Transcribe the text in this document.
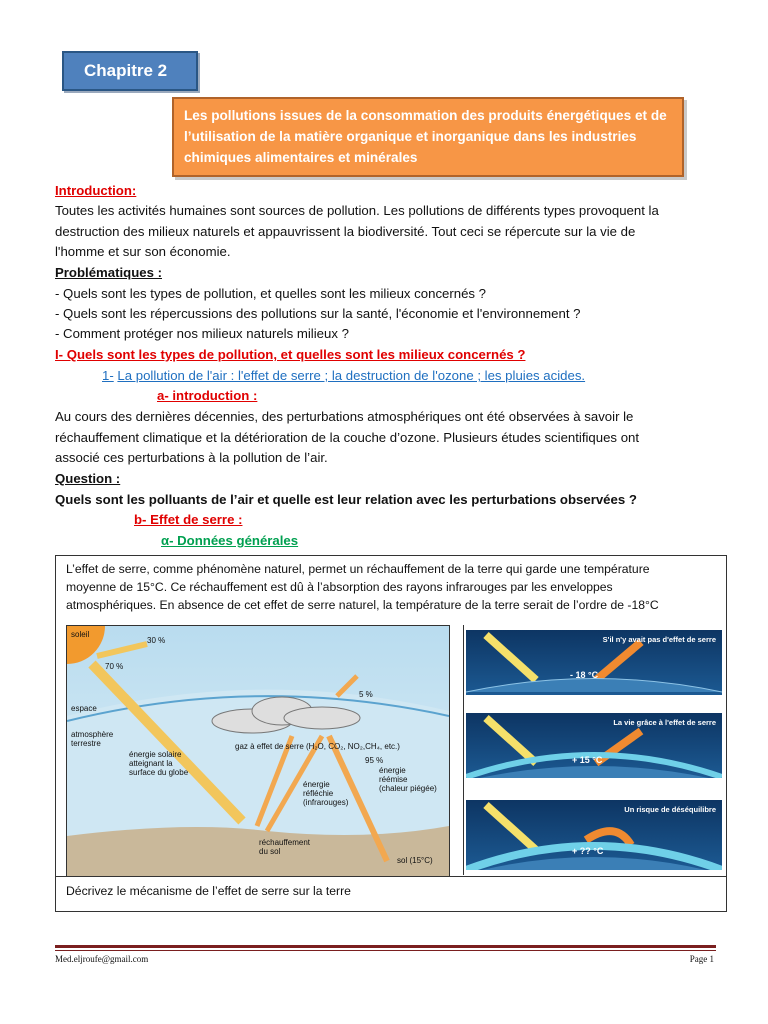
Chapitre 2
Les pollutions issues de la consommation des produits énergétiques et de l’utilisation de la matière organique et inorganique dans les industries chimiques alimentaires et minérales
Introduction:
Toutes les activités humaines sont sources de pollution. Les pollutions de différents types provoquent la
destruction des milieux naturels et appauvrissent la biodiversité. Tout ceci se répercute sur la vie de
l'homme et sur son économie.
Problématiques :
- Quels sont les types de pollution, et quelles sont les milieux concernés ?
- Quels sont les répercussions des pollutions sur la santé, l'économie et l'environnement ?
- Comment protéger nos milieux naturels milieux ?
I- Quels sont les types de pollution, et quelles sont les milieux concernés ?
1- La pollution de l'air : l'effet de serre ; la destruction de l'ozone ; les pluies acides.
a- introduction :
Au cours des dernières décennies, des perturbations atmosphériques ont été observées à savoir le
réchauffement climatique et la détérioration de la couche d’ozone. Plusieurs études scientifiques ont
associé ces perturbations à la pollution de l’air.
Question :
Quels sont les polluants de l’air et quelle est leur relation avec les perturbations observées ?
b- Effet de serre :
α- Données générales
L’effet de serre, comme phénomène naturel, permet un réchauffement de la terre qui garde une température
moyenne de 15°C. Ce réchauffement est dû à l’absorption des rayons infrarouges par les enveloppes
atmosphériques. En absence de cet effet de serre naturel, la température de la terre serait de l’ordre de -18°C
Décrivez le mécanisme de l’effet de serre sur la terre
soleil
30 %
70 %
5 %
espace
atmosphère
terrestre
énergie solaire
atteignant la
surface du globe
gaz à effet de serre (H₂O, CO₂, NO₂,CH₄, etc.)
95 %
énergie
réfléchie
(infrarouges)
énergie
réémise
(chaleur piégée)
réchauffement
du sol
sol (15°C)
S'il n'y avait pas d'effet de serre
- 18 °C
La vie grâce à l'effet de serre
+ 15 °C
Un risque de déséquilibre
+ ?? °C
Med.eljroufe@gmail.com	Page 1
